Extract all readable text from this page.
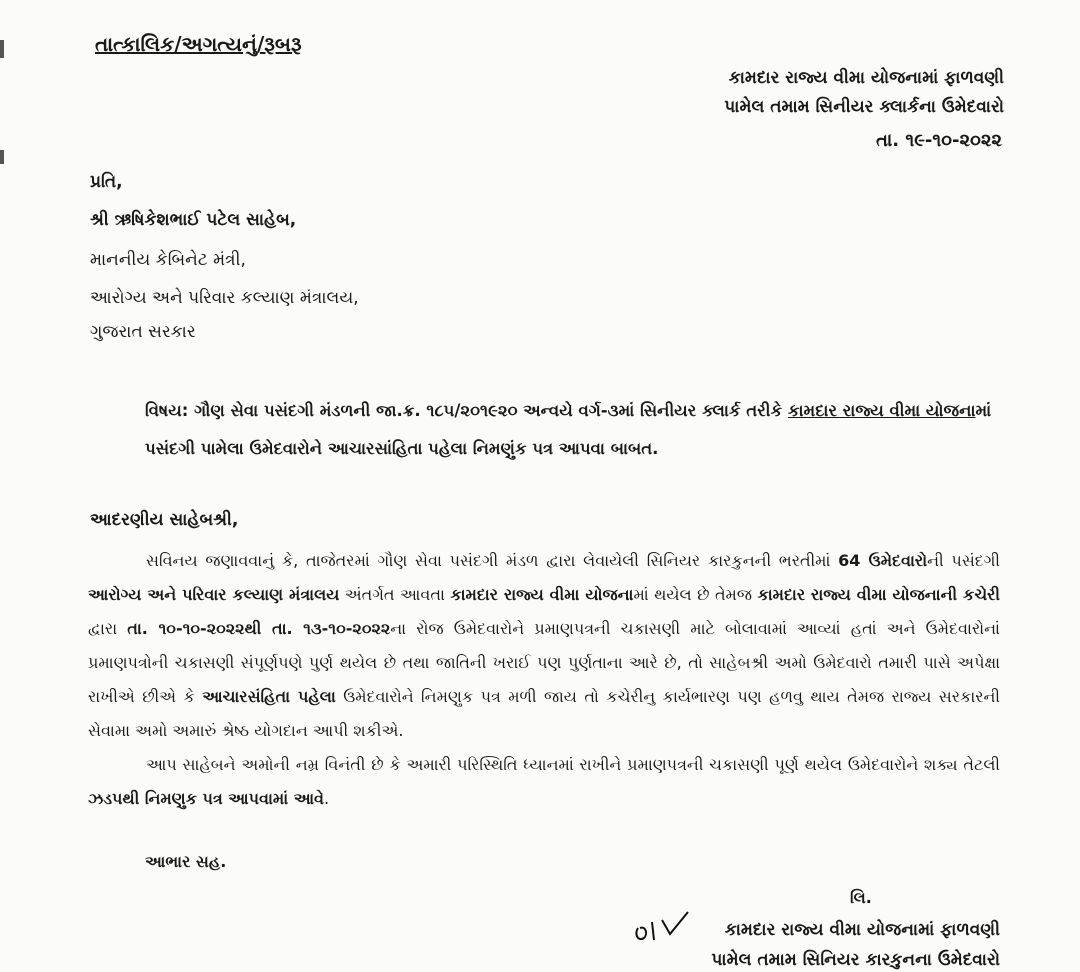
તાત્કાલિક/અગત્યનું/રૂબરૂ
કામદાર રાજ્ય વીમા યોજનામાં ફાળવણી
પામેલ તમામ સિનીયર ક્લાર્કના ઉમેદવારો
તા. ૧૯-૧૦-૨૦૨૨
પ્રતિ,
શ્રી ઋષિકેશભાઈ પટેલ સાહેબ,
માનનીય કેબિનેટ મંત્રી,
આરોગ્ય અને પરિવાર કલ્યાણ મંત્રાલય,
ગુજરાત સરકાર
વિષય: ગૌણ સેવા પસંદગી મંડળની જા.ક્ર. ૧૮૫/૨૦૧૯૨૦ અન્વયે વર્ગ-૩માં સિનીયર ક્લાર્ક તરીકે કામદાર રાજ્ય વીમા યોજનામાં પસંદગી પામેલા ઉમેદવારોને આચારસાંહિતા પહેલા નિમણુંક પત્ર આપવા બાબત.
આદરણીય સાહેબશ્રી,

સવિનય જણાવવાનું કે, તાજેતરમાં ગૌણ સેવા પસંદગી મંડળ દ્વારા લેવાયેલી સિનિયર કારકુનની ભરતીમાં 64 ઉમેદવારોની પસંદગી આરોગ્ય અને પરિવાર કલ્યાણ મંત્રાલય અંતર્ગત આવતા કામદાર રાજ્ય વીમા યોજનામાં થયેલ છે તેમજ કામદાર રાજ્ય વીમા યોજનાની કચેરી દ્વારા તા. ૧૦-૧૦-૨૦૨૨થી તા. ૧૩-૧૦-૨૦૨૨ના રોજ ઉમેદવારોને પ્રમાણપત્રની ચકાસણી માટે બોલાવામાં આવ્યાં હતાં અને ઉમેદવારોનાં પ્રમાણપત્રોની ચકાસણી સંપૂર્ણપણે પુર્ણ થયેલ છે તથા જાતિની ખરાઈ પણ પુર્ણતાના આરે છે, તો સાહેબશ્રી અમો ઉમેદવારો તમારી પાસે અપેક્ષા રાખીએ છીએ કે આચારસંહિતા પહેલા ઉમેદવારોને નિમણુક પત્ર મળી જાય તો કચેરીનુ કાર્યભારણ પણ હળવુ થાય તેમજ રાજ્ય સરકારની સેવામા અમો અમારું શ્રેષ્ઠ યોગદાન આપી શકીએ.

આપ સાહેબને અમોની નમ્ર વિનંતી છે કે અમારી પરિસ્થિતિ ધ્યાનમાં રાખીને પ્રમાણપત્રની ચકાસણી પૂર્ણ થયેલ ઉમેદવારોને શક્ય તેટલી ઝડપથી નિમણુક પત્ર આપવામાં આવે.

આભાર સહ.
લિ.
કામદાર રાજ્ય વીમા યોજનામાં ફાળવણી
પામેલ તમામ સિનિયર કારકુનના ઉમેદવારો
